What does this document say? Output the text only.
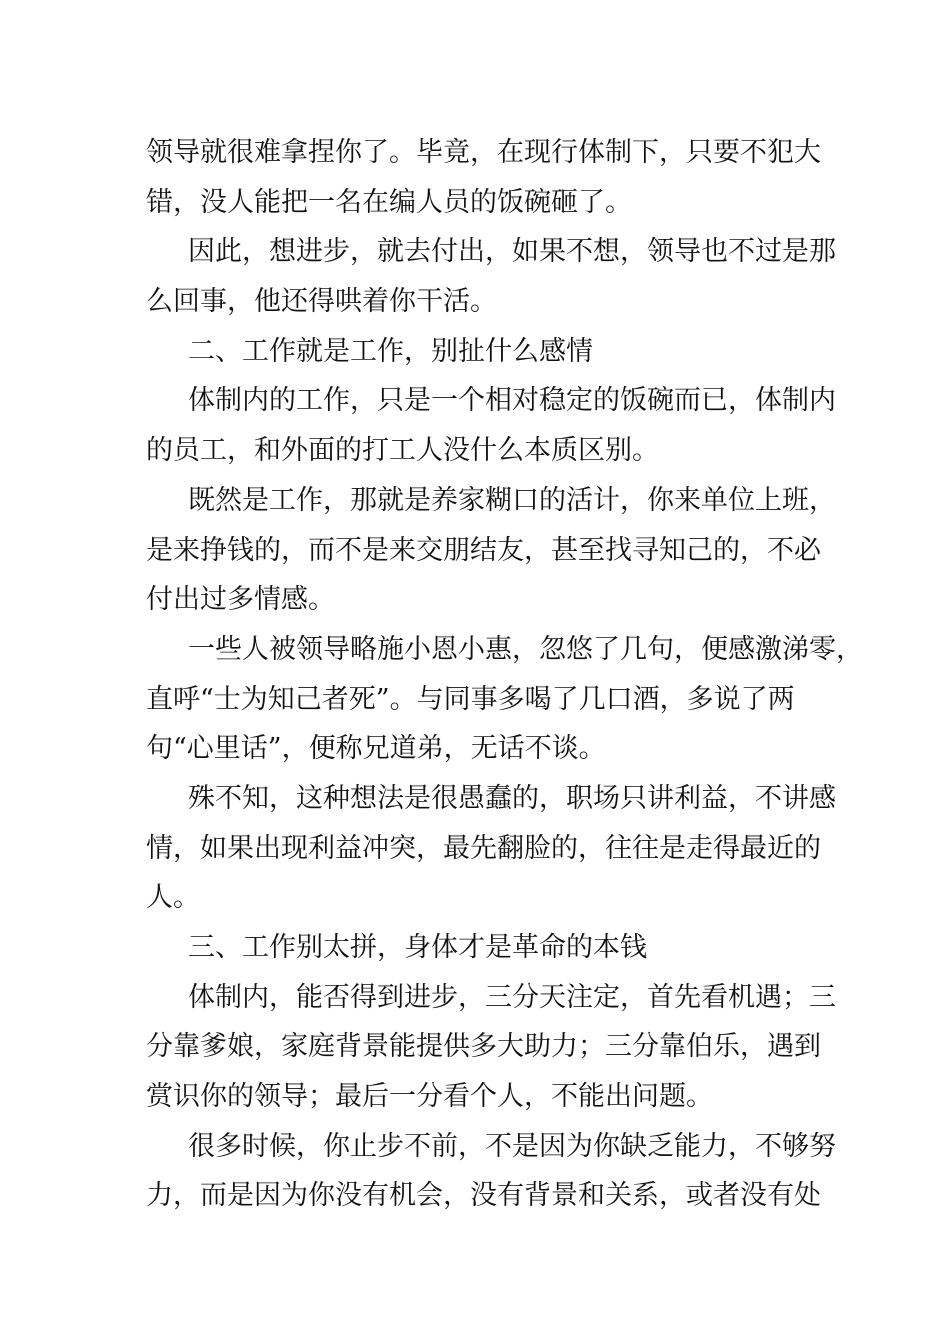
领导就很难拿捏你了。毕竟，在现行体制下，只要不犯大
错，没人能把一名在编人员的饭碗砸了。
因此，想进步，就去付出，如果不想，领导也不过是那
么回事，他还得哄着你干活。
二、工作就是工作，别扯什么感情
体制内的工作，只是一个相对稳定的饭碗而已，体制内
的员工，和外面的打工人没什么本质区别。
既然是工作，那就是养家糊口的活计，你来单位上班，
是来挣钱的，而不是来交朋结友，甚至找寻知己的，不必
付出过多情感。
一些人被领导略施小恩小惠，忽悠了几句，便感激涕零，
直呼“士为知己者死”。与同事多喝了几口酒，多说了两
句“心里话”，便称兄道弟，无话不谈。
殊不知，这种想法是很愚蠢的，职场只讲利益，不讲感
情，如果出现利益冲突，最先翻脸的，往往是走得最近的
人。
三、工作别太拼，身体才是革命的本钱
体制内，能否得到进步，三分天注定，首先看机遇；三
分靠爹娘，家庭背景能提供多大助力；三分靠伯乐，遇到
赏识你的领导；最后一分看个人，不能出问题。
很多时候，你止步不前，不是因为你缺乏能力，不够努
力，而是因为你没有机会，没有背景和关系，或者没有处
